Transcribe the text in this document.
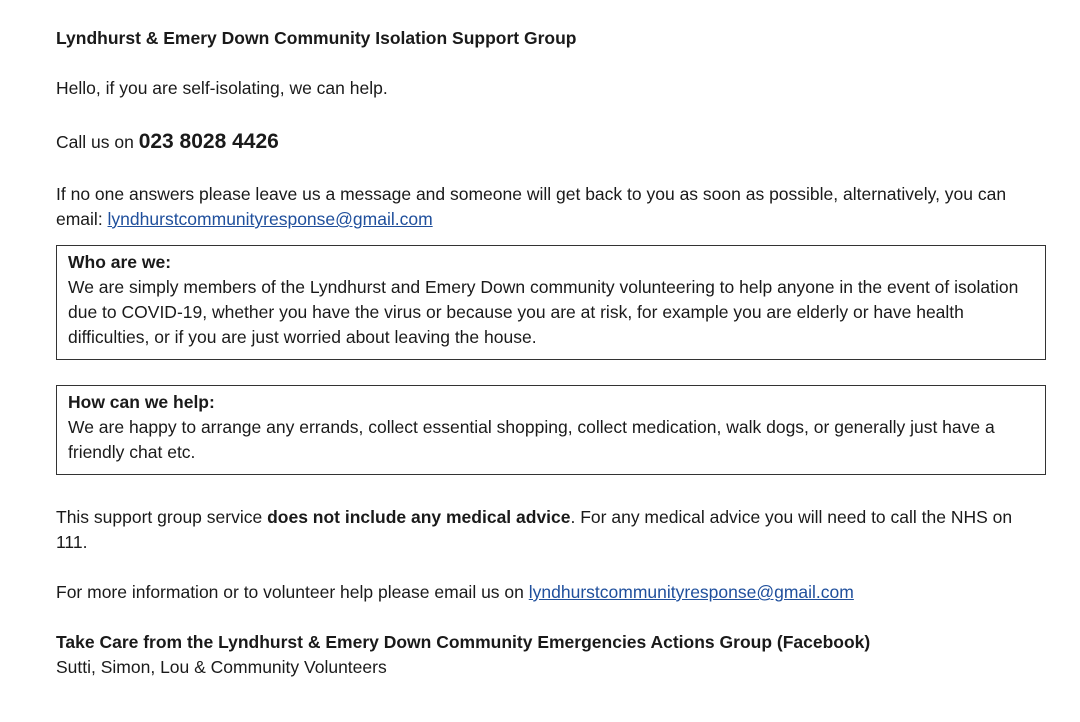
Lyndhurst & Emery Down Community Isolation Support Group

Hello, if you are self-isolating, we can help.

Call us on 023 8028 4426

If no one answers please leave us a message and someone will get back to you as soon as possible, alternatively, you can email: lyndhurstcommunityresponse@gmail.com

Who are we:

We are simply members of the Lyndhurst and Emery Down community volunteering to help anyone in the event of isolation due to COVID-19, whether you have the virus or because you are at risk, for example you are elderly or have health difficulties, or if you are just worried about leaving the house.

How can we help:

We are happy to arrange any errands, collect essential shopping, collect medication, walk dogs, or generally just have a friendly chat etc.

This support group service does not include any medical advice. For any medical advice you will need to call the NHS on 111.

For more information or to volunteer help please email us on lyndhurstcommunityresponse@gmail.com

Take Care from the Lyndhurst & Emery Down Community Emergencies Actions Group (Facebook)

Sutti, Simon, Lou & Community Volunteers
